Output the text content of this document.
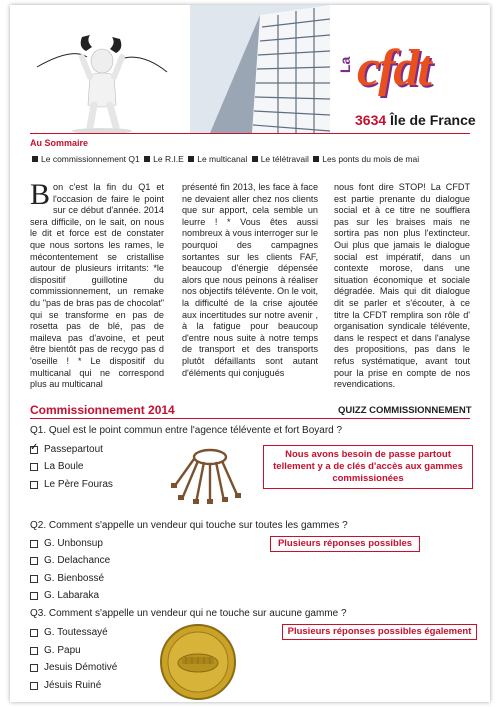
La cfdt
3634 Île de France
Au Sommaire
Le commissionnement Q1 Le R.I.E Le multicanal Le télétravail Les ponts du mois de mai
Bon c'est la fin du Q1 et l'occasion de faire le point sur ce début d'année. 2014 sera difficile, on le sait, on nous le dit et force est de constater que nous sortons les rames, le mécontentement se cristallise autour de plusieurs irritants: *le dispositif guillotine du commissionnement, un remake du "pas de bras pas de chocolat" qui se transforme en pas de rosetta pas de blé, pas de maileva pas d'avoine, et peut être bientôt pas de recygo pas d 'oseille ! * Le dispositif du multicanal qui ne correspond plus au multicanal
présenté fin 2013, les face à face ne devaient aller chez nos clients que sur apport, cela semble un leurre ! * Vous êtes aussi nombreux à vous interroger sur le pourquoi des campagnes sortantes sur les clients FAF, beaucoup d'énergie dépensée alors que nous peinons à réaliser nos objectifs télévente. On le voit, la difficulté de la crise ajoutée aux incertitudes sur notre avenir , à la fatigue pour beaucoup d'entre nous suite à notre temps de transport et des transports plutôt défaillants sont autant d'éléments qui conjugués
nous font dire STOP! La CFDT est partie prenante du dialogue social et à ce titre ne soufflera pas sur les braises mais ne sortira pas non plus l'extincteur. Oui plus que jamais le dialogue social est impératif, dans un contexte morose, dans une situation économique et sociale dégradée. Mais qui dit dialogue dit se parler et s'écouter, à ce titre la CFDT remplira son rôle d' organisation syndicale télévente, dans le respect et dans l'analyse des propositions, pas dans le refus systématique, avant tout pour la prise en compte de nos revendications.
Commissionnement 2014	QUIZZ COMMISSIONNEMENT
Q1. Quel est le point commun entre l'agence télévente et fort Boyard ?
✓
Passepartout
La Boule
Le Père Fouras
Nous avons besoin de passe partout tellement y a de clés d'accès aux gammes commissionées
Q2. Comment s'appelle un vendeur qui touche sur toutes les gammes ?
G. Unbonsup
G. Delachance
G. Bienbossé
G. Labaraka
Plusieurs réponses possibles
Q3. Comment s'appelle un vendeur qui ne touche sur aucune gamme ?
G. Toutessayé
G. Papu
Jesuis Démotivé
Jésuis Ruiné
Plusieurs réponses possibles également
